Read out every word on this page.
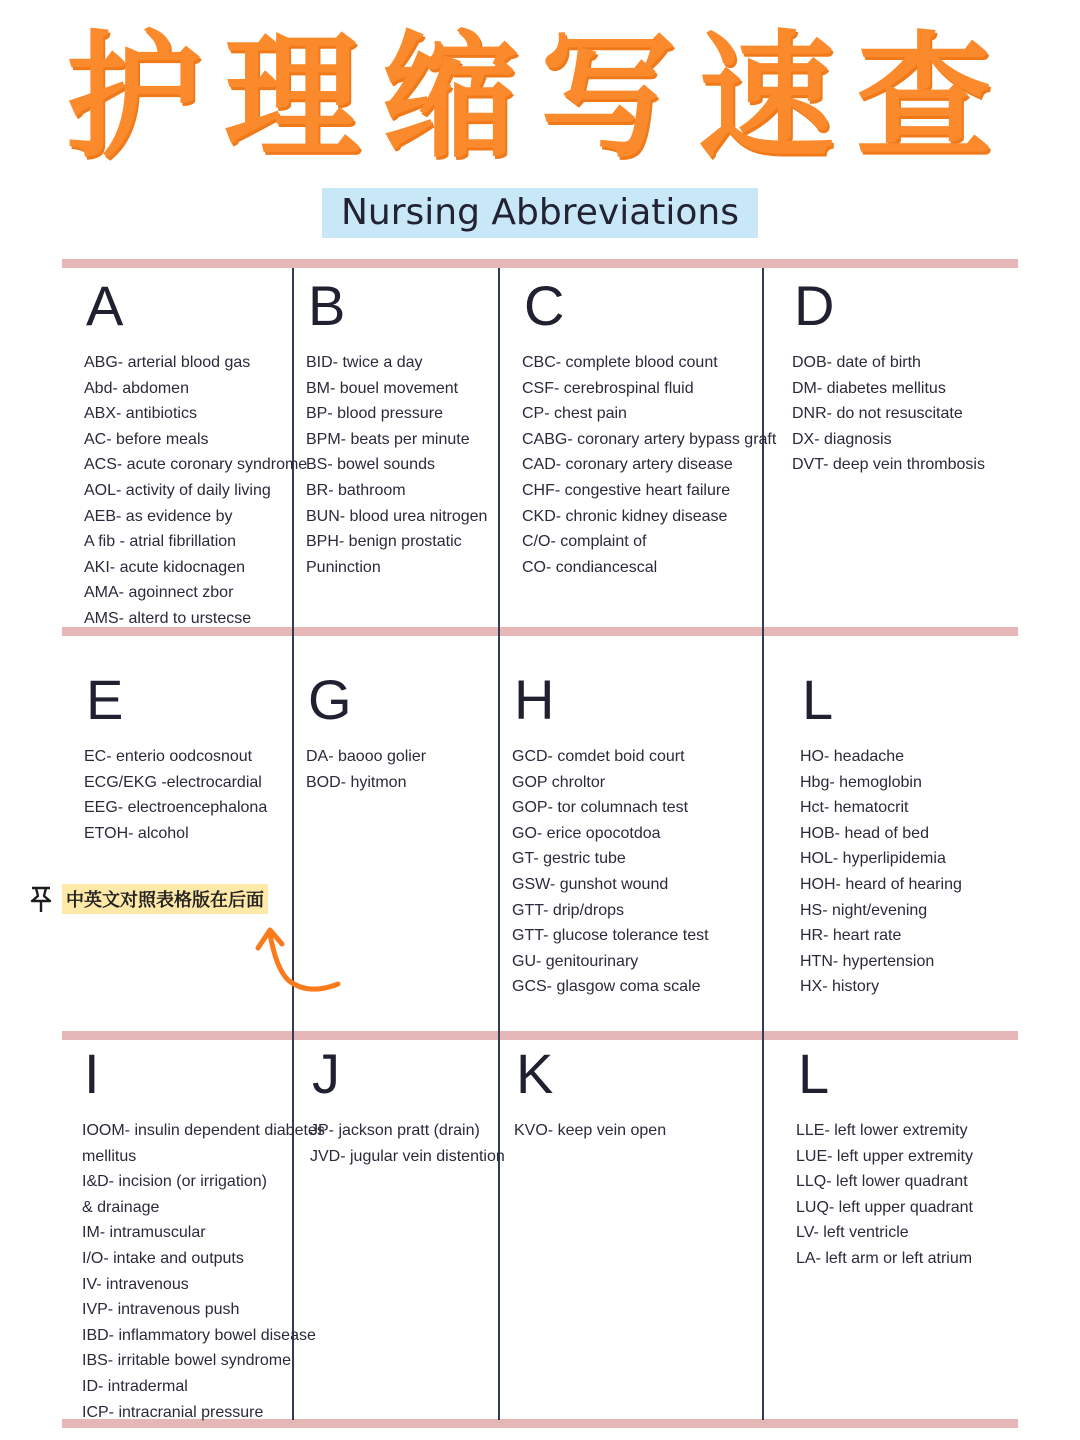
护理缩写速查
Nursing Abbreviations
A
ABG- arterial blood gas
Abd- abdomen
ABX- antibiotics
AC- before meals
ACS- acute coronary syndrome
AOL- activity of daily living
AEB- as evidence by
A fib - atrial fibrillation
AKI- acute kidocnagen
AMA- agoinnect zbor
AMS- alterd to urstecse
B
BID- twice a day
BM- bouel movement
BP- blood pressure
BPM- beats per minute
BS- bowel sounds
BR- bathroom
BUN- blood urea nitrogen
BPH- benign prostatic
Puninction
C
CBC- complete blood count
CSF- cerebrospinal fluid
CP- chest pain
CABG- coronary artery bypass graft
CAD- coronary artery disease
CHF- congestive heart failure
CKD- chronic kidney disease
C/O- complaint of
CO- condiancescal
D
DOB- date of birth
DM- diabetes mellitus
DNR- do not resuscitate
DX- diagnosis
DVT- deep vein thrombosis
E
EC- enterio oodcosnout
ECG/EKG -electrocardial
EEG- electroencephalona
ETOH- alcohol
G
DA- baooo golier
BOD- hyitmon
H
GCD- comdet boid court
GOP chroltor
GOP- tor columnach test
GO- erice opocotdoa
GT- gestric tube
GSW- gunshot wound
GTT- drip/drops
GTT- glucose tolerance test
GU- genitourinary
GCS- glasgow coma scale
L
HO- headache
Hbg- hemoglobin
Hct- hematocrit
HOB- head of bed
HOL- hyperlipidemia
HOH- heard of hearing
HS- night/evening
HR- heart rate
HTN- hypertension
HX- history
中英文对照表格版在后面
I
IOOM- insulin dependent diabetes
mellitus
I&D- incision (or irrigation)
& drainage
IM- intramuscular
I/O- intake and outputs
IV- intravenous
IVP- intravenous push
IBD- inflammatory bowel disease
IBS- irritable bowel syndrome
ID- intradermal
ICP- intracranial pressure
J
JP- jackson pratt (drain)
JVD- jugular vein distention
K
KVO- keep vein open
L
LLE- left lower extremity
LUE- left upper extremity
LLQ- left lower quadrant
LUQ- left upper quadrant
LV- left ventricle
LA- left arm or left atrium
